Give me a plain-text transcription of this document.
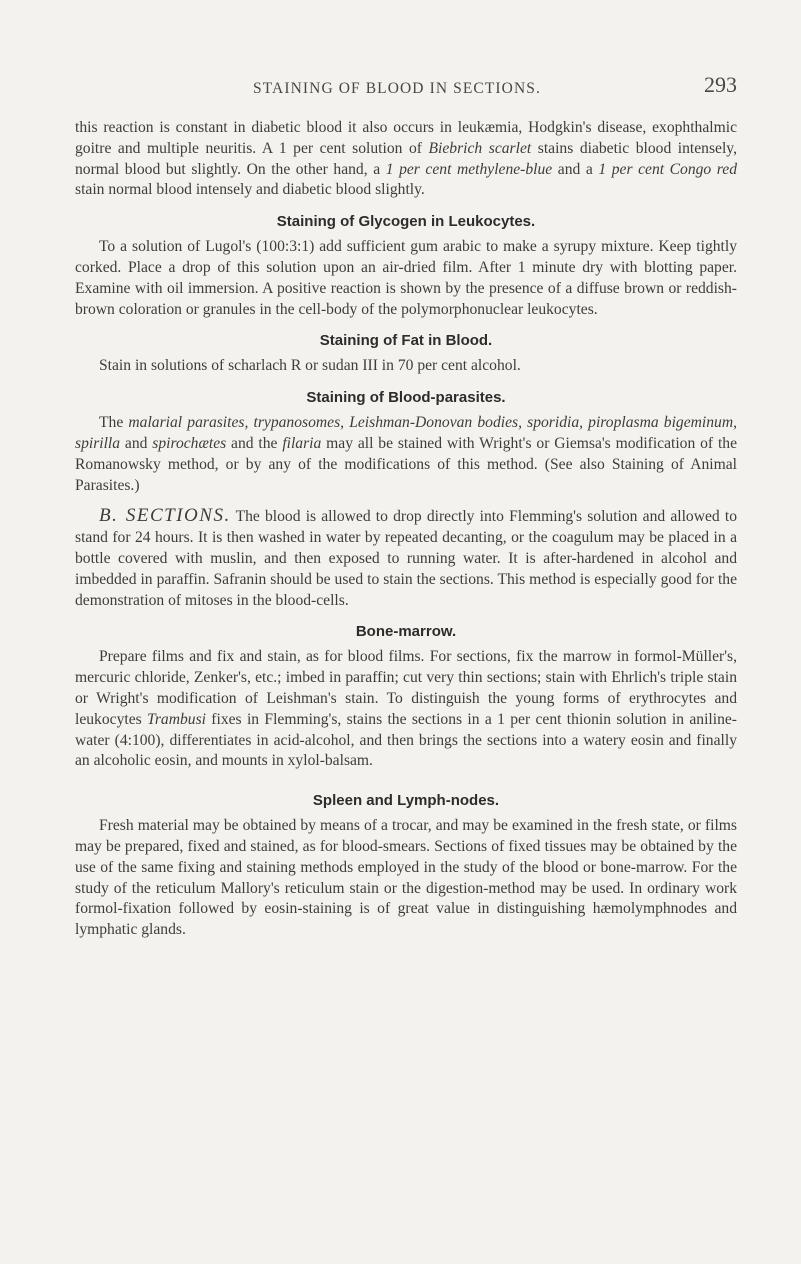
STAINING OF BLOOD IN SECTIONS.	293

this reaction is constant in diabetic blood it also occurs in leukæmia, Hodgkin's disease, exophthalmic goitre and multiple neuritis. A 1 per cent solution of Biebrich scarlet stains diabetic blood intensely, normal blood but slightly. On the other hand, a 1 per cent methylene-blue and a 1 per cent Congo red stain normal blood intensely and diabetic blood slightly.

Staining of Glycogen in Leukocytes.

To a solution of Lugol's (100:3:1) add sufficient gum arabic to make a syrupy mixture. Keep tightly corked. Place a drop of this solution upon an air-dried film. After 1 minute dry with blotting paper. Examine with oil immersion. A positive reaction is shown by the presence of a diffuse brown or reddish-brown coloration or granules in the cell-body of the polymorphonuclear leukocytes.

Staining of Fat in Blood.

Stain in solutions of scharlach R or sudan III in 70 per cent alcohol.

Staining of Blood-parasites.

The malarial parasites, trypanosomes, Leishman-Donovan bodies, sporidia, piroplasma bigeminum, spirilla and spirochætes and the filaria may all be stained with Wright's or Giemsa's modification of the Romanowsky method, or by any of the modifications of this method. (See also Staining of Animal Parasites.)

B. SECTIONS. The blood is allowed to drop directly into Flemming's solution and allowed to stand for 24 hours. It is then washed in water by repeated decanting, or the coagulum may be placed in a bottle covered with muslin, and then exposed to running water. It is after-hardened in alcohol and imbedded in paraffin. Safranin should be used to stain the sections. This method is especially good for the demonstration of mitoses in the blood-cells.

Bone-marrow.

Prepare films and fix and stain, as for blood films. For sections, fix the marrow in formol-Müller's, mercuric chloride, Zenker's, etc.; imbed in paraffin; cut very thin sections; stain with Ehrlich's triple stain or Wright's modification of Leishman's stain. To distinguish the young forms of erythrocytes and leukocytes Trambusi fixes in Flemming's, stains the sections in a 1 per cent thionin solution in aniline-water (4:100), differentiates in acid-alcohol, and then brings the sections into a watery eosin and finally an alcoholic eosin, and mounts in xylol-balsam.

Spleen and Lymph-nodes.

Fresh material may be obtained by means of a trocar, and may be examined in the fresh state, or films may be prepared, fixed and stained, as for blood-smears. Sections of fixed tissues may be obtained by the use of the same fixing and staining methods employed in the study of the blood or bone-marrow. For the study of the reticulum Mallory's reticulum stain or the digestion-method may be used. In ordinary work formol-fixation followed by eosin-staining is of great value in distinguishing hæmolymphnodes and lymphatic glands.
